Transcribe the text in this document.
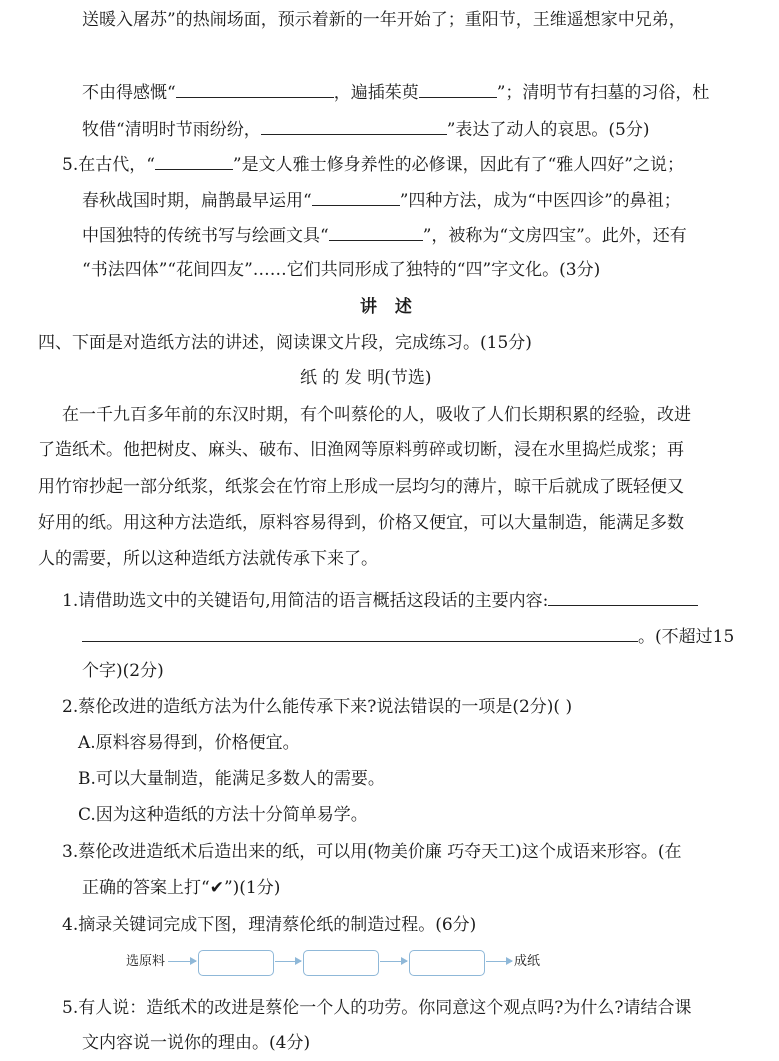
送暖入屠苏”的热闹场面，预示着新的一年开始了；重阳节，王维遥想家中兄弟，
不由得感慨“	，遍插茱萸	”；清明节有扫墓的习俗，杜
牧借“清明时节雨纷纷，	”表达了动人的哀思。(5分)
5.在古代，“	”是文人雅士修身养性的必修课，因此有了“雅人四好”之说；
春秋战国时期，扁鹊最早运用“	”四种方法，成为“中医四诊”的鼻祖；
中国独特的传统书写与绘画文具“	”，被称为“文房四宝”。此外，还有
“书法四体”“花间四友”……它们共同形成了独特的“四”字文化。(3分)
讲 述
四、下面是对造纸方法的讲述，阅读课文片段，完成练习。(15分)
纸 的 发 明(节选)
在一千九百多年前的东汉时期，有个叫蔡伦的人，吸收了人们长期积累的经验，改进
了造纸术。他把树皮、麻头、破布、旧渔网等原料剪碎或切断，浸在水里捣烂成浆；再
用竹帘抄起一部分纸浆，纸浆会在竹帘上形成一层均匀的薄片，晾干后就成了既轻便又
好用的纸。用这种方法造纸，原料容易得到，价格又便宜，可以大量制造，能满足多数
人的需要，所以这种造纸方法就传承下来了。
1.请借助选文中的关键语句,用简洁的语言概括这段话的主要内容:
。(不超过15
个字)(2分)
2.蔡伦改进的造纸方法为什么能传承下来?说法错误的一项是(2分)( )
A.原料容易得到，价格便宜。
B.可以大量制造，能满足多数人的需要。
C.因为这种造纸的方法十分简单易学。
3.蔡伦改进造纸术后造出来的纸，可以用(物美价廉 巧夺天工)这个成语来形容。(在
正确的答案上打“✔”)(1分)
4.摘录关键词完成下图，理清蔡伦纸的制造过程。(6分)
选原料	成纸
5.有人说：造纸术的改进是蔡伦一个人的功劳。你同意这个观点吗?为什么?请结合课
文内容说一说你的理由。(4分)
